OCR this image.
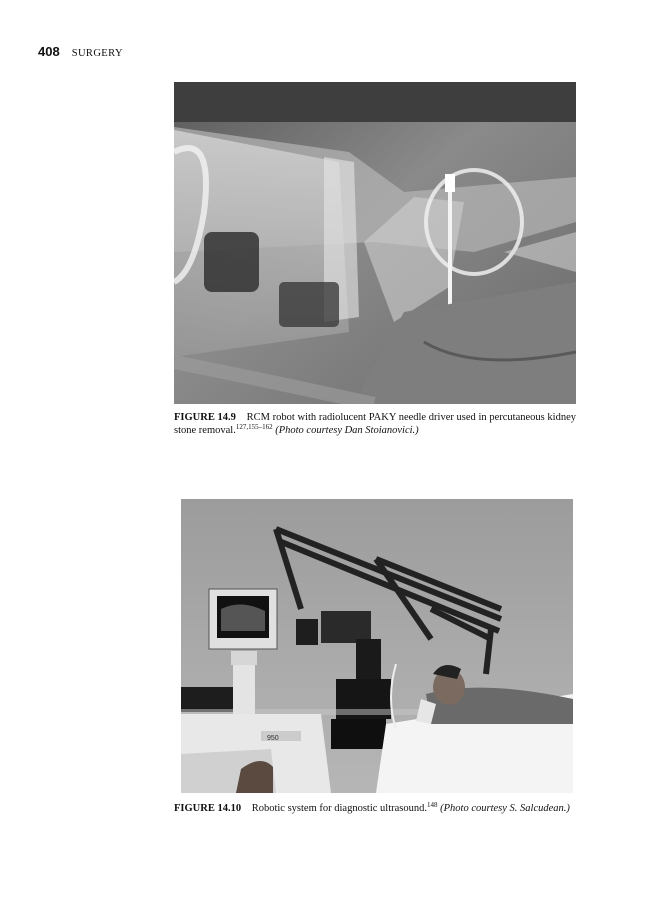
408 SURGERY

FIGURE 14.9 RCM robot with radiolucent PAKY needle driver used in percutaneous kidney stone removal.$^{127,155-162}$ (Photo courtesy Dan Stoianovici.)

950

FIGURE 14.10 Robotic system for diagnostic ultrasound.$^{148}$ (Photo courtesy S. Salcudean.)
